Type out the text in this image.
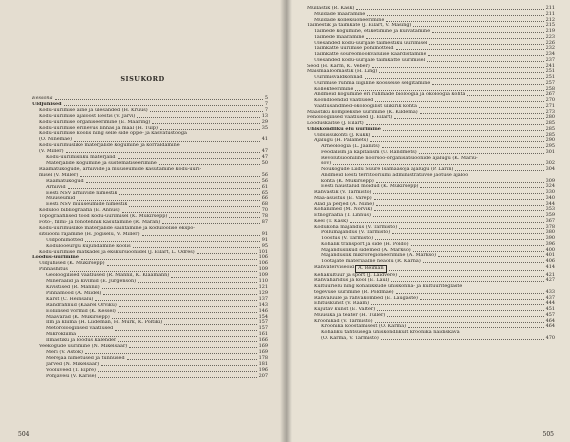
SISUKORD
Eessõna	5
Üldjuhised	7
Kodu-uurimise aine ja ülesanded (H. Kruus)	7
Kodu-uurimise ajaloost Eestis (V. Järvi)	13
Kodu-uurimise organiseerimine (E. Maaring)	29
Kodu-uurimise erinevus linnas ja maal (H. Tulp)	35
Kodu-uurimise koolis ning selle side õppe- ja kasvatustööga
(O. Ninemäe)	41
Kodu-uurimuslike materjalide kogumine ja korraldamine
(V. Miller)	47
Kodu-uurimisliku materjalid	47
Materjalide kogumine ja süstematiseerimine	50
Raamatukogude, arhiivide ja muuseumide kasutamine kodu-uuri-
misel (V. Miller)	56
Raamatukogud	56
Arhiivid	61
Eesti NSV arhiivide nimestik	65
Muuseumid	66
Eesti NSV muuseumide nimestik	68
Koduloo bibliograafia (E. Annus)	70
Topograafilised tööd kodu-uurimisel (K. Mükirsepp)	78
Foto-, filmi- ja fonotehnik kasutamine (R. Maran)	87
Kodu-uurimuslike materjalide säilitamine ja koduloolise ekspo-
sitsiooni rajamine (H. Jõgiselu, V. Miller)	91
Üldpõhimõtted	91
Kodulooeurgu kujundamine koolis	95
Kodu-uurimise matkadel ja ekskursioonidel (J. Eilart, L. Odres)	101
Loodus-uurimine	106
Üldjuhised (K. Mükirsepp)	106
Pinnashitus	109
Geoloogilised vaatlused (R. Männil, K. Klaamann)	109
Mineraalid ja kivimid (E. Jürgenson)	110
Kivistised (R. Männil)	121
Pinnamood (A. Miidel)	129
Karst (C. Heinsalu)	137
Rändrahnud (Kaarel Orviku)	143
Eoliilised vormid (K. Kessel)	146
Maavarad (K. Mükirsepp)	154
Ilm ja kliima (H. Liideman, H. Mürk, K. Põltiki)	157
Metoroloogilised vaatlused	157
Mikrokliima	161
Ilmastiku ja loodus kalender	166
Veekogude uurimine (N. Mikelsaar)	169
Meri (V. Astok)	169
Merejää nimetused ja tunnused	178
Järved (N. Mikelsaar)	181
Vooluveed (T. Eipre)	196
Põhjavesi (V. Karise)	207
504
Mullastik (R. Kask)	211
Muldade määramine	211
Muldade kolleksioneerimine	212
Taimestik ja taimkate (J. Eilart, V. Masing)	215
Taimede kogumine, etiketimine ja kuivatamine	219
Taimede määramine	223
Ülesanded kodu-uurijale taimestiku uurimisel	226
Taimkatte uurimise põhimõtteid	232
Taimkatte soureömõõkvalulise kaardistamine	234
Ülesanded kodu-uurijale taimkatte uurimisel	237
Seod (H. Karm, K. Veber)	241
Maismaaloomastik (H. Ling)	251
Uurimisvaldkonnad	251
Uurimise rühma liigiline koosseise selgitamine	257
Kollekteerimine	258
Andmeid kogumine eri rühmade bioloogia ja ökoloogia kohta	267
Koondloendid vaatlused	270
Vaatlusandmed-ökoloogilist ülikirik kohta	271
Maastiku kompleksne uurimine (K. Kildema)	273
Fenoloogilised vaatlused (J. Eilart)	280
Looduskaitse (J. Eilart)	285
Ühiskondliku elu uurimine	285
Üldsissukohti (J. Kukk)	285
Ajalugu (H. Palamets)	290
Arheoloogia (L. Jaanits)	295
Feodalism ja kapitalism (Ü. Randmets)	301
Revolutsiooniline noorsoo-organisatsioonide ajalugu (K. Mariu-
sov)	302
Nõukogude Liidu Suure Isamaasõja ajalugu (P. Larin)	304
Andmeid Eesti territooriumi administratiivse jaotuse ajaloo
kohta (K. Mükirsepp)	309
Eesti haustalud mõidud (K. Mükirsepp)	324
Rahvastik (V. Tarmisto)	330
Maa-asustus (E. Varep)	340
Alad ja perjed (A. Niine)	344
Kohanimed (M. Norvik)	353
Etnograafia (T. Linnus)	359
Keel (T. Kask)	367
Kodukoha majandus (V. Tarmisto)	378
Põllumajandus (V. Tarmisto)	380
Tööstus (V. Tarmisto)	390
Kohalik transport ja side (H. Poldo)	396
Majanduslikud sidemed (A. Markso)	400
Majanduslik mikroregioneerimine (A. Markso)	401
Töötajate materiaalne heaolu (R. Karna)	406
Rahvaterviseoid A. Reiman	414
Kehakultuur ja sport (J. Laidvere)	421
Rahvaharidus ja kool (E. Laul)	427
Kultuurielu ning kohalikkude ühiskonna- ja kultuuriteglaste
tegevuse uurimine (R. Põldmäe)	433
Rahvaluule ja rahvakombed (E. Laugaste)	437
Ehituskunst (V. Raam)	444
Kujutav kunst (E. Valter)	451
Muusika ja teater (H. Tuller)	457
Kroonikad (V. Tarmisto)	464
Kroonika koostamisest (O. Karma)	464
Kohaliku tähtsusega ühiskondlikult kroonika näidiskava
(O. Karma, V. Tarmisto)	470
505
